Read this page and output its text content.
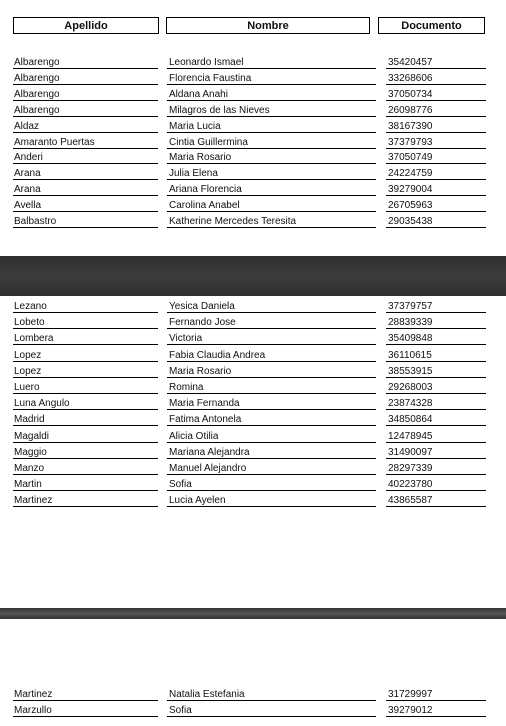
Apellido	Nombre	Documento
Albarengo	Leonardo Ismael	35420457
Albarengo	Florencia Faustina	33268606
Albarengo	Aldana Anahi	37050734
Albarengo	Milagros de las Nieves	26098776
Aldaz	Maria Lucia	38167390
Amaranto Puertas	Cintia Guillermina	37379793
Anderi	Maria Rosario	37050749
Arana	Julia Elena	24224759
Arana	Ariana Florencia	39279004
Avella	Carolina Anabel	26705963
Balbastro	Katherine Mercedes Teresita	29035438
Lezano	Yesica Daniela	37379757
Lobeto	Fernando Jose	28839339
Lombera	Victoria	35409848
Lopez	Fabia Claudia Andrea	36110615
Lopez	Maria Rosario	38553915
Luero	Romina	29268003
Luna Angulo	Maria Fernanda	23874328
Madrid	Fatima Antonela	34850864
Magaldi	Alicia Otilia	12478945
Maggio	Mariana Alejandra	31490097
Manzo	Manuel Alejandro	28297339
Martin	Sofia	40223780
Martinez	Lucia Ayelen	43865587
Martinez	Natalia Estefania	31729997
Marzullo	Sofia	39279012
